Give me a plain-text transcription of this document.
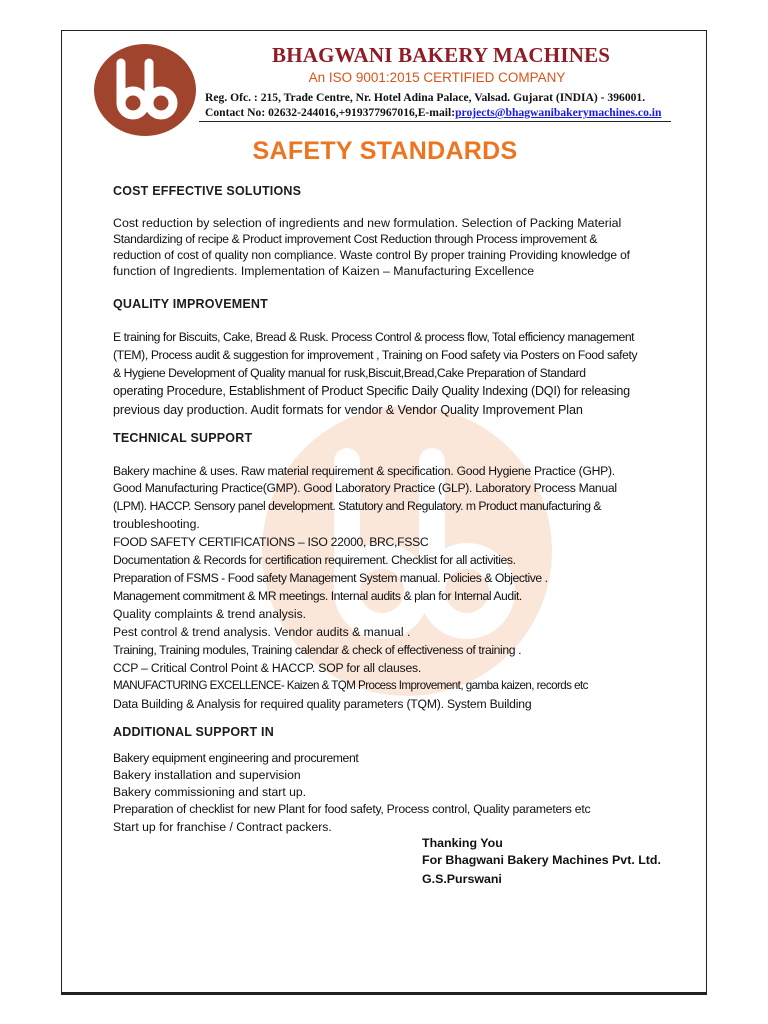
BHAGWANI BAKERY MACHINES
An ISO 9001:2015 CERTIFIED COMPANY
Reg. Ofc. : 215, Trade Centre, Nr. Hotel Adina Palace, Valsad. Gujarat (INDIA) - 396001.
Contact No: 02632-244016,+919377967016,E-mail:projects@bhagwanibakerymachines.co.in
SAFETY STANDARDS
COST EFFECTIVE SOLUTIONS
Cost reduction by selection of ingredients and new formulation. Selection of Packing Material
Standardizing of recipe & Product improvement Cost Reduction through Process improvement &
reduction of cost of quality non compliance. Waste control By proper training Providing knowledge of
function of Ingredients. Implementation of Kaizen – Manufacturing Excellence
QUALITY IMPROVEMENT
E training for Biscuits, Cake, Bread & Rusk. Process Control & process flow, Total efficiency management
(TEM), Process audit & suggestion for improvement , Training on Food safety via Posters on Food safety
& Hygiene Development of Quality manual for rusk,Biscuit,Bread,Cake Preparation of Standard
operating Procedure, Establishment of Product Specific Daily Quality Indexing (DQI) for releasing
previous day production. Audit formats for vendor & Vendor Quality Improvement Plan
TECHNICAL SUPPORT
Bakery machine & uses. Raw material requirement & specification. Good Hygiene Practice (GHP).
Good Manufacturing Practice(GMP). Good Laboratory Practice (GLP). Laboratory Process Manual
(LPM). HACCP. Sensory panel development. Statutory and Regulatory. m Product manufacturing &
troubleshooting.
FOOD SAFETY CERTIFICATIONS – ISO 22000, BRC,FSSC
Documentation & Records for certification requirement. Checklist for all activities.
Preparation of FSMS - Food safety Management System manual. Policies & Objective .
Management commitment & MR meetings. Internal audits & plan for Internal Audit.
Quality complaints & trend analysis.
Pest control & trend analysis. Vendor audits & manual .
Training, Training modules, Training calendar & check of effectiveness of training .
CCP – Critical Control Point & HACCP. SOP for all clauses.
MANUFACTURING EXCELLENCE- Kaizen & TQM Process Improvement, gamba kaizen, records etc
Data Building & Analysis for required quality parameters (TQM). System Building
ADDITIONAL SUPPORT IN
Bakery equipment engineering and procurement
Bakery installation and supervision
Bakery commissioning and start up.
Preparation of checklist for new Plant for food safety, Process control, Quality parameters etc
Start up for franchise / Contract packers.
Thanking You
For Bhagwani Bakery Machines Pvt. Ltd.
G.S.Purswani
